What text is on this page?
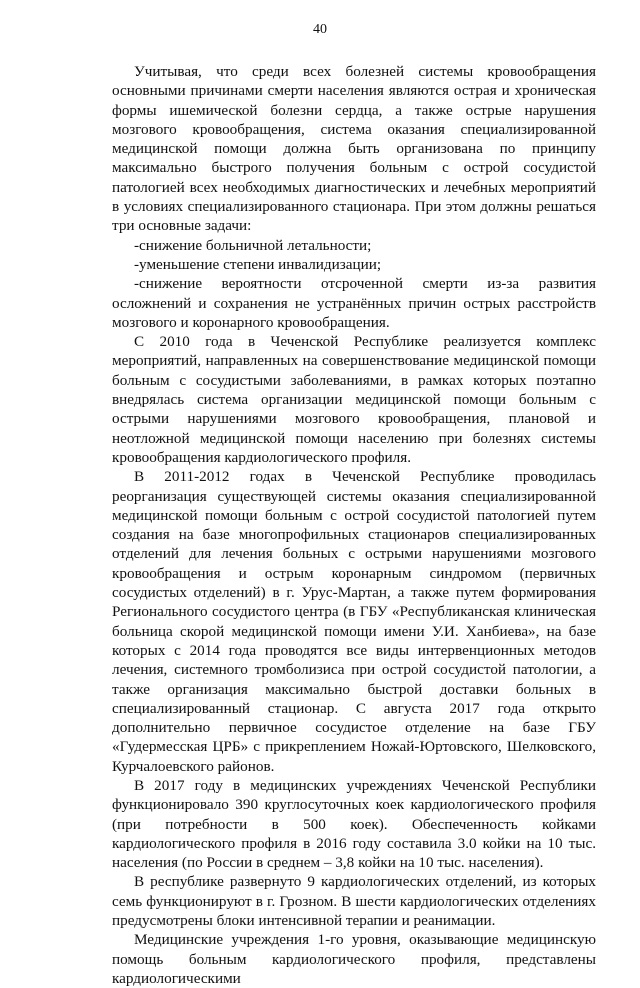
40

Учитывая, что среди всех болезней системы кровообращения основными причинами смерти населения являются острая и хроническая формы ишемической болезни сердца, а также острые нарушения мозгового кровообращения, система оказания специализированной медицинской помощи должна быть организована по принципу максимально быстрого получения больным с острой сосудистой патологией всех необходимых диагностических и лечебных мероприятий в условиях специализированного стационара. При этом должны решаться три основные задачи:

-снижение больничной летальности;

-уменьшение степени инвалидизации;

-снижение вероятности отсроченной смерти из-за развития осложнений и сохранения не устранённых причин острых расстройств мозгового и коронарного кровообращения.

С 2010 года в Чеченской Республике реализуется комплекс мероприятий, направленных на совершенствование медицинской помощи больным с сосудистыми заболеваниями, в рамках которых поэтапно внедрялась система организации медицинской помощи больным с острыми нарушениями мозгового кровообращения, плановой и неотложной медицинской помощи населению при болезнях системы кровообращения кардиологического профиля.

В 2011-2012 годах в Чеченской Республике проводилась реорганизация существующей системы оказания специализированной медицинской помощи больным с острой сосудистой патологией путем создания на базе многопрофильных стационаров специализированных отделений для лечения больных с острыми нарушениями мозгового кровообращения и острым коронарным синдромом (первичных сосудистых отделений) в г. Урус-Мартан, а также путем формирования Регионального сосудистого центра (в ГБУ «Республиканская клиническая больница скорой медицинской помощи имени У.И. Ханбиева», на базе которых с 2014 года проводятся все виды интервенционных методов лечения, системного тромболизиса при острой сосудистой патологии, а также организация максимально быстрой доставки больных в специализированный стационар. С августа 2017 года открыто дополнительно первичное сосудистое отделение на базе ГБУ «Гудермесская ЦРБ» с прикреплением Ножай-Юртовского, Шелковского, Курчалоевского районов.

В 2017 году в медицинских учреждениях Чеченской Республики функционировало 390 круглосуточных коек кардиологического профиля (при потребности в 500 коек). Обеспеченность койками кардиологического профиля в 2016 году составила 3.0 койки на 10 тыс. населения (по России в среднем – 3,8 койки на 10 тыс. населения).

В республике развернуто 9 кардиологических отделений, из которых семь функционируют в г. Грозном. В шести кардиологических отделениях предусмотрены блоки интенсивной терапии и реанимации.

Медицинские учреждения 1-го уровня, оказывающие медицинскую помощь больным кардиологического профиля, представлены кардиологическими
